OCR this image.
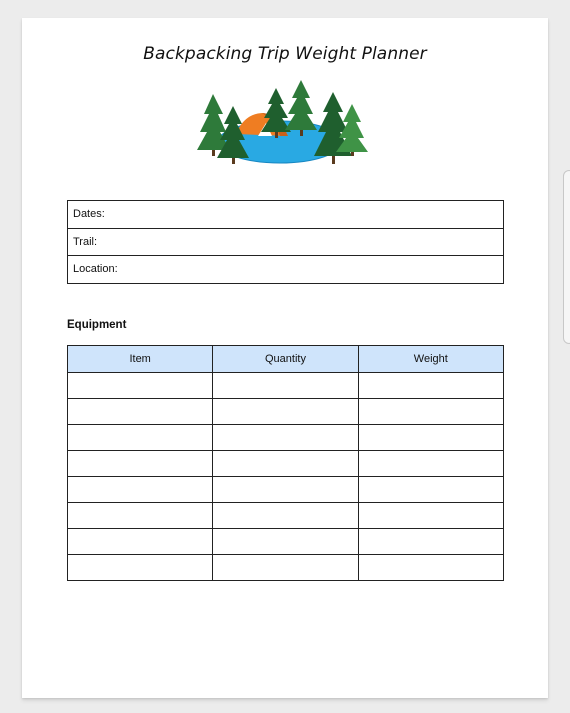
Backpacking Trip Weight Planner
Dates:
Trail:
Location:
Equipment
Item	Quantity	Weight
